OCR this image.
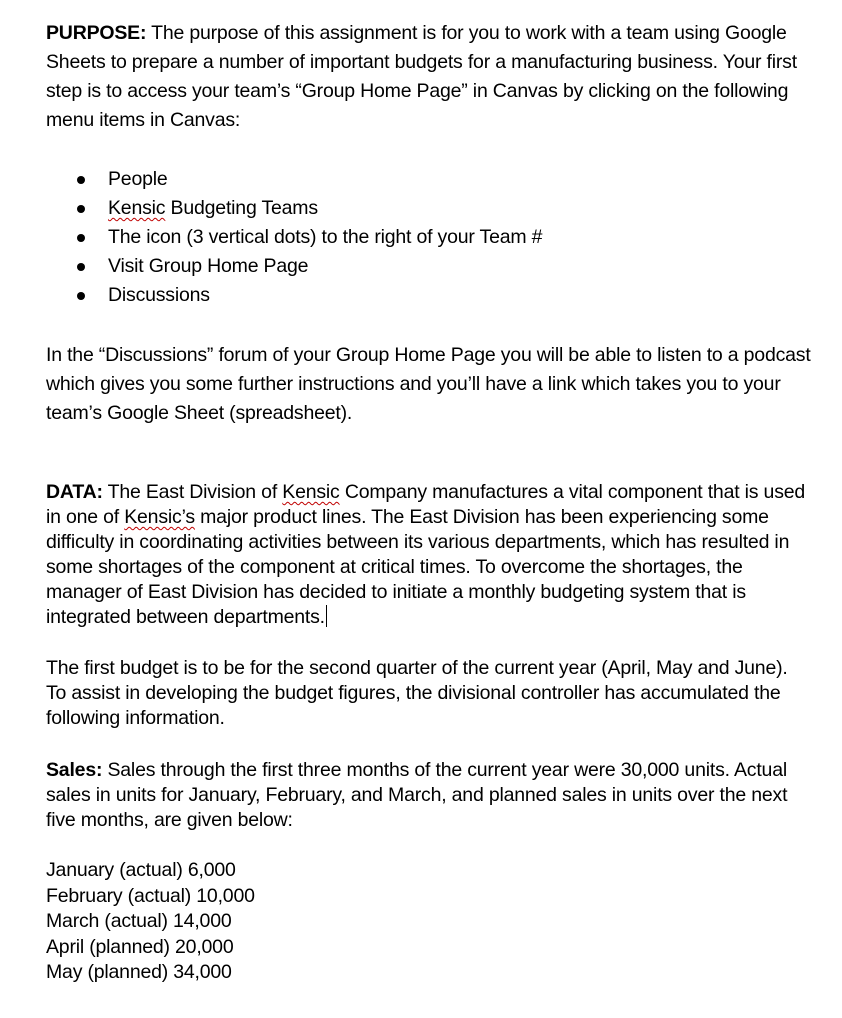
PURPOSE: The purpose of this assignment is for you to work with a team using Google Sheets to prepare a number of important budgets for a manufacturing business. Your first step is to access your team’s “Group Home Page” in Canvas by clicking on the following menu items in Canvas:

People
Kensic Budgeting Teams
The icon (3 vertical dots) to the right of your Team #
Visit Group Home Page
Discussions

In the “Discussions” forum of your Group Home Page you will be able to listen to a podcast which gives you some further instructions and you’ll have a link which takes you to your team’s Google Sheet (spreadsheet).

DATA: The East Division of Kensic Company manufactures a vital component that is used in one of Kensic’s major product lines. The East Division has been experiencing some difficulty in coordinating activities between its various departments, which has resulted in some shortages of the component at critical times. To overcome the shortages, the manager of East Division has decided to initiate a monthly budgeting system that is integrated between departments.

The first budget is to be for the second quarter of the current year (April, May and June). To assist in developing the budget figures, the divisional controller has accumulated the following information.

Sales: Sales through the first three months of the current year were 30,000 units. Actual sales in units for January, February, and March, and planned sales in units over the next five months, are given below:

January (actual) 6,000
February (actual) 10,000
March (actual) 14,000
April (planned) 20,000
May (planned) 34,000
